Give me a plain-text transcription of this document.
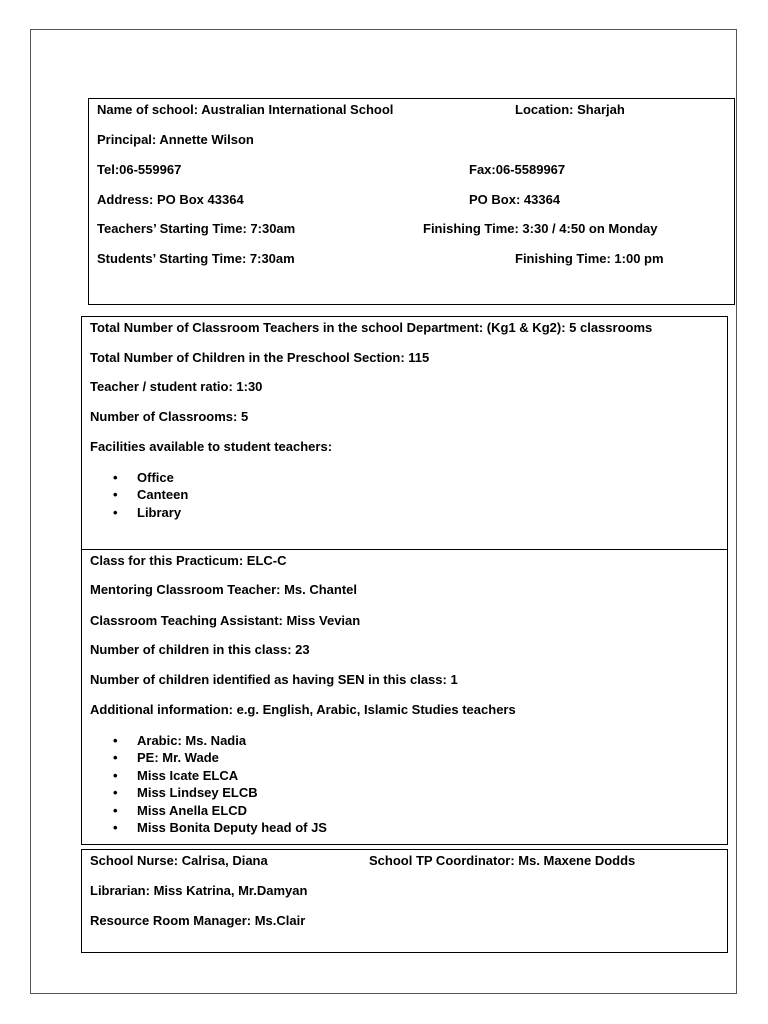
Name of school: Australian International School	Location: Sharjah
Principal: Annette Wilson
Tel:06-559967	Fax:06-5589967
Address: PO Box 43364	PO Box: 43364
Teachers’ Starting Time: 7:30am	Finishing Time: 3:30 / 4:50 on Monday
Students’ Starting Time: 7:30am	Finishing Time: 1:00 pm
Total Number of Classroom Teachers in the school Department: (Kg1 & Kg2): 5 classrooms
Total Number of Children in the Preschool Section: 115
Teacher / student ratio: 1:30
Number of Classrooms: 5
Facilities available to student teachers:
• Office
• Canteen
• Library
Class for this Practicum: ELC-C
Mentoring Classroom Teacher: Ms. Chantel
Classroom Teaching Assistant: Miss Vevian
Number of children in this class: 23
Number of children identified as having SEN in this class: 1
Additional information: e.g. English, Arabic, Islamic Studies teachers
• Arabic: Ms. Nadia
• PE: Mr. Wade
• Miss Icate ELCA
• Miss Lindsey ELCB
• Miss Anella ELCD
• Miss Bonita Deputy head of JS
School Nurse: Calrisa, Diana	School TP Coordinator: Ms. Maxene Dodds
Librarian: Miss Katrina, Mr.Damyan
Resource Room Manager: Ms.Clair
